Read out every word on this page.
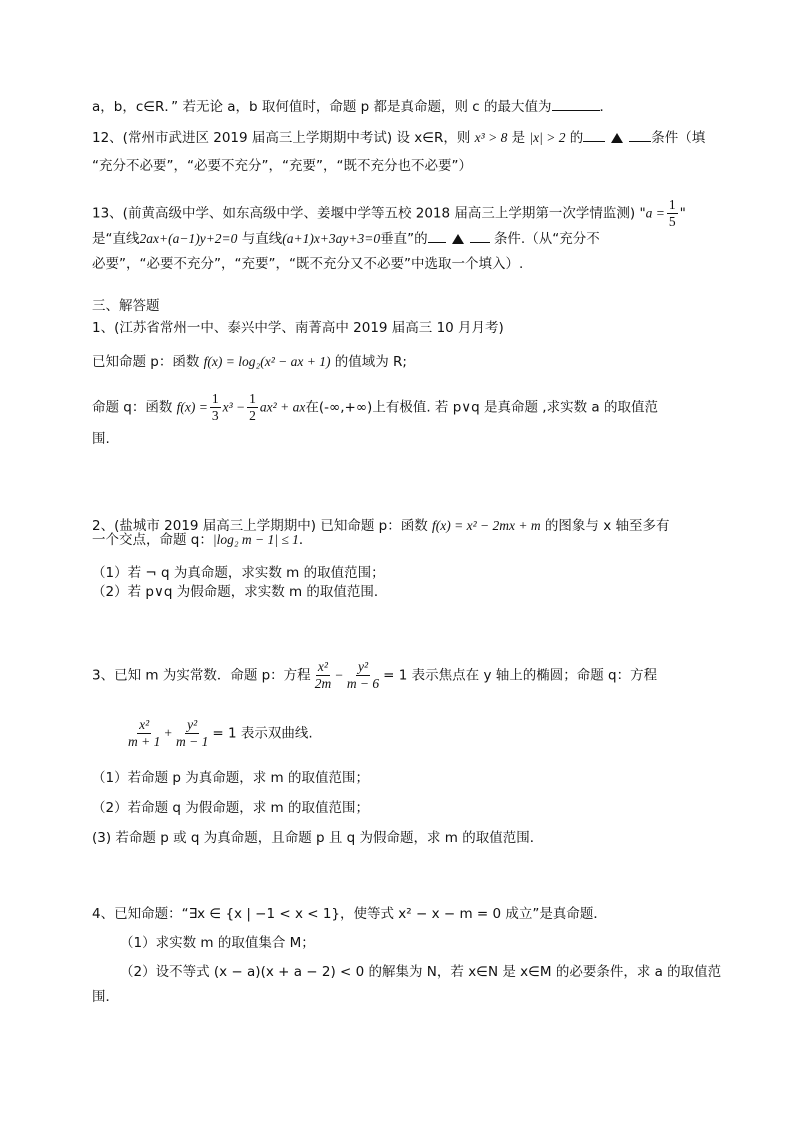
a，b，c∈R．” 若无论 a，b 取何值时，命题 p 都是真命题，则 c 的最大值为	．
12、(常州市武进区 2019 届高三上学期期中考试) 设 x∈R，则 x³ > 8 是 |x| > 2 的	条件（填
“充分不必要”，“必要不充分”，“充要”，“既不充分也不必要”）
13、(前黄高级中学、如东高级中学、姜堰中学等五校 2018 届高三上学期第一次学情监测) "$a = \frac{1}{5}$ "
是“直线2ax+(a−1)y+2=0 与直线(a+1)x+3ay+3=0垂直”的	条件.（从“充分不
必要”，“必要不充分”，“充要”，“既不充分又不必要”中选取一个填入）.
三、解答题
1、(江苏省常州一中、泰兴中学、南菁高中 2019 届高三 10 月月考)
已知命题 p：函数 f(x) = log₂(x² − ax + 1) 的值域为 R;
命题 q：函数 $f(x) = \frac{1}{3} x^3 - \frac{1}{2} ax^2$ + ax在(-∞,+∞)上有极值. 若 p∨q 是真命题 ,求实数 a 的取值范
围.
2、(盐城市 2019 届高三上学期期中) 已知命题 p：函数 f(x) = x² − 2mx + m 的图象与 x 轴至多有
一个交点，命题 q：|log₂ m − 1| ≤ 1．
（1）若 ¬ q 为真命题，求实数 m 的取值范围；
（2）若 p∨q 为假命题，求实数 m 的取值范围．
3、已知 m 为实常数．命题 p：方程 $\frac{\text{x²}}{2m} - \frac{\text{y²}}{m - 6} = 1$ 表示焦点在 y 轴上的椭圆；命题 q：方程
$\frac{\text{x²}}{m + 1} + \frac{\text{y²}}{m - 1} = 1$ 表示双曲线.
（1）若命题 p 为真命题，求 m 的取值范围；
（2）若命题 q 为假命题，求 m 的取值范围；
(3) 若命题 p 或 q 为真命题，且命题 p 且 q 为假命题，求 m 的取值范围．
4、已知命题：“∃x ∈ {x | −1 < x < 1}，使等式 x² − x − m = 0 成立”是真命题．
（1）求实数 m 的取值集合 M；
（2）设不等式 (x − a)(x + a − 2) < 0 的解集为 N，若 x∈N 是 x∈M 的必要条件，求 a 的取值范
围．
